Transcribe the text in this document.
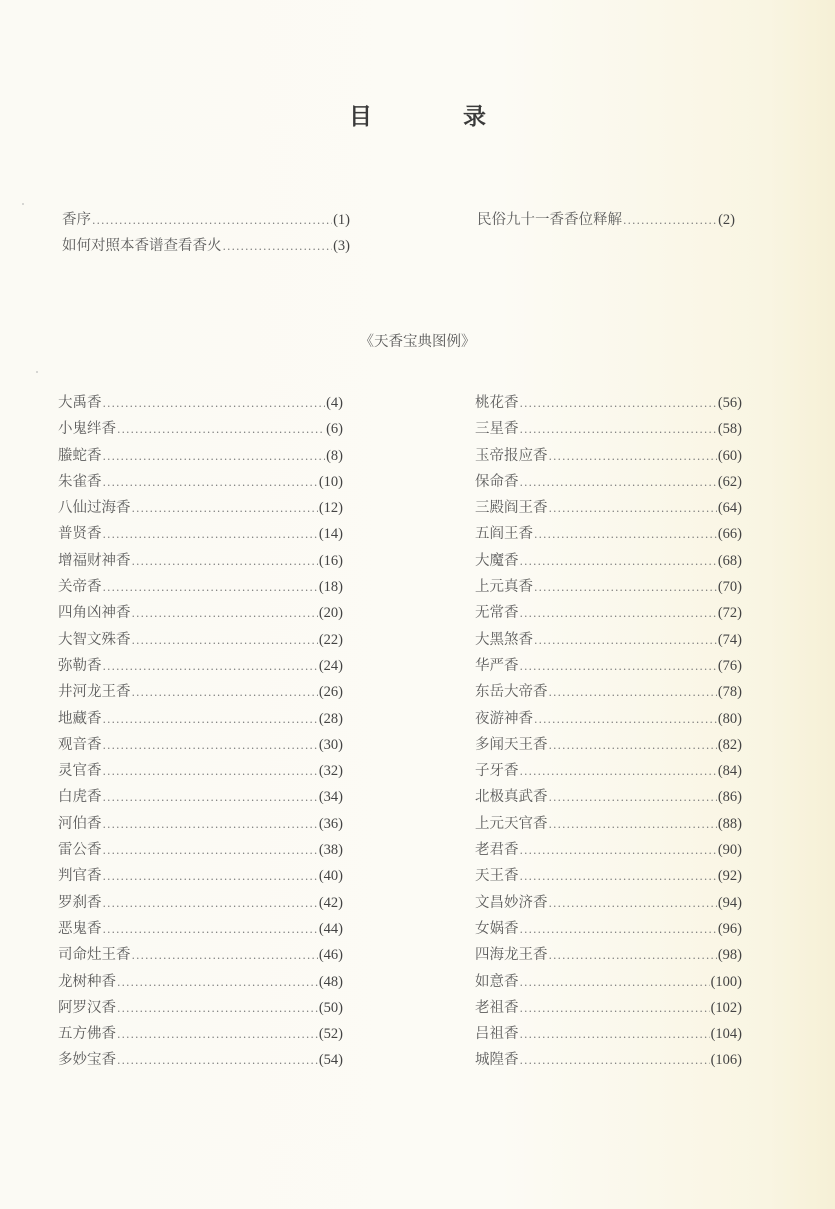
目　录
香序 .....	(1)
如何对照本香谱查看香火 .....	(3)
民俗九十一香香位释解 .....	(2)
《天香宝典图例》
大禹香 .....	(4)
小鬼绊香 .....	(6)
螣蛇香 .....	(8)
朱雀香 .....	(10)
八仙过海香 .....	(12)
普贤香 .....	(14)
增福财神香 .....	(16)
关帝香 .....	(18)
四角凶神香 .....	(20)
大智文殊香 .....	(22)
弥勒香 .....	(24)
井河龙王香 .....	(26)
地藏香 .....	(28)
观音香 .....	(30)
灵官香 .....	(32)
白虎香 .....	(34)
河伯香 .....	(36)
雷公香 .....	(38)
判官香 .....	(40)
罗刹香 .....	(42)
恶鬼香 .....	(44)
司命灶王香 .....	(46)
龙树种香 .....	(48)
阿罗汉香 .....	(50)
五方佛香 .....	(52)
多妙宝香 .....	(54)
桃花香 .....	(56)
三星香 .....	(58)
玉帝报应香 .....	(60)
保命香 .....	(62)
三殿阎王香 .....	(64)
五阎王香 .....	(66)
大魔香 .....	(68)
上元真香 .....	(70)
无常香 .....	(72)
大黑煞香 .....	(74)
华严香 .....	(76)
东岳大帝香 .....	(78)
夜游神香 .....	(80)
多闻天王香 .....	(82)
子牙香 .....	(84)
北极真武香 .....	(86)
上元天官香 .....	(88)
老君香 .....	(90)
天王香 .....	(92)
文昌妙济香 .....	(94)
女娲香 .....	(96)
四海龙王香 .....	(98)
如意香 .....	(100)
老祖香 .....	(102)
吕祖香 .....	(104)
城隍香 .....	(106)
